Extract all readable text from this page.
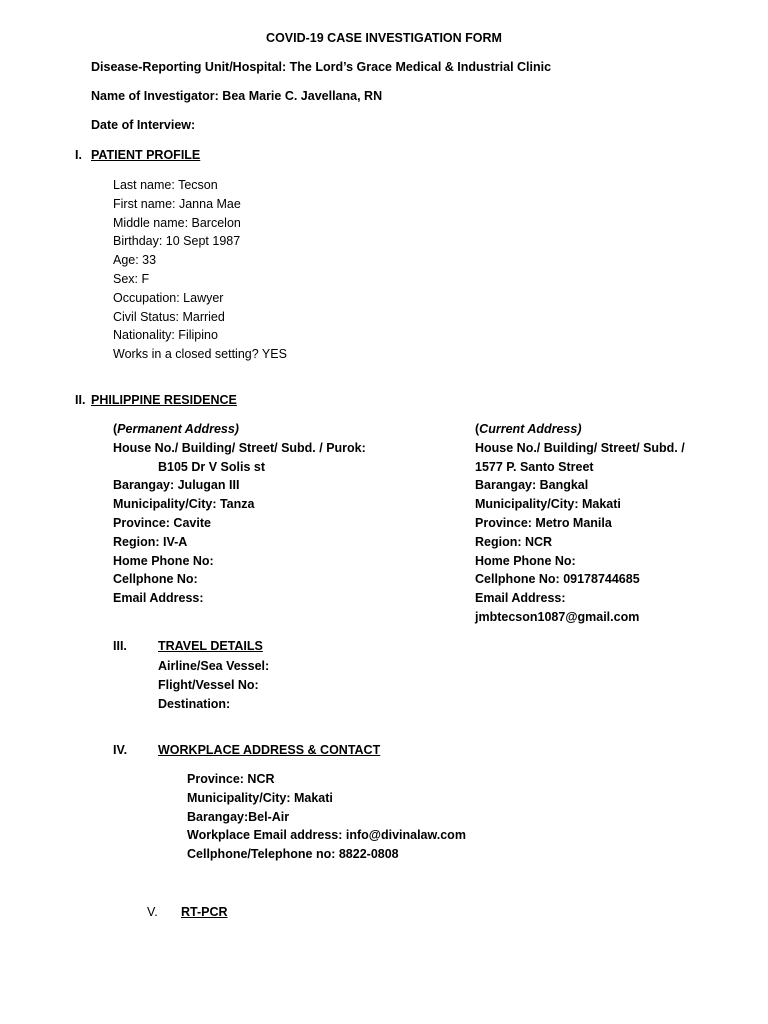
COVID-19 CASE INVESTIGATION FORM
Disease-Reporting Unit/Hospital: The Lord’s Grace Medical & Industrial Clinic
Name of Investigator: Bea Marie C. Javellana, RN
Date of Interview:
I. PATIENT PROFILE
Last name: Tecson
First name: Janna Mae
Middle name: Barcelon
Birthday: 10 Sept 1987
Age: 33
Sex: F
Occupation: Lawyer
Civil Status: Married
Nationality: Filipino
Works in a closed setting? YES
II. PHILIPPINE RESIDENCE
(Permanent Address)
House No./ Building/ Street/ Subd. / Purok:
B105 Dr V Solis st
Barangay: Julugan III
Municipality/City: Tanza
Province: Cavite
Region: IV-A
Home Phone No:
Cellphone No:
Email Address:
(Current Address)
House No./ Building/ Street/ Subd. /
1577 P. Santo Street
Barangay: Bangkal
Municipality/City: Makati
Province: Metro Manila
Region: NCR
Home Phone No:
Cellphone No: 09178744685
Email Address:
jmbtecson1087@gmail.com
III. TRAVEL DETAILS
Airline/Sea Vessel:
Flight/Vessel No:
Destination:
IV. WORKPLACE ADDRESS & CONTACT
Province: NCR
Municipality/City: Makati
Barangay:Bel-Air
Workplace Email address: info@divinalaw.com
Cellphone/Telephone no: 8822-0808
V. RT-PCR
